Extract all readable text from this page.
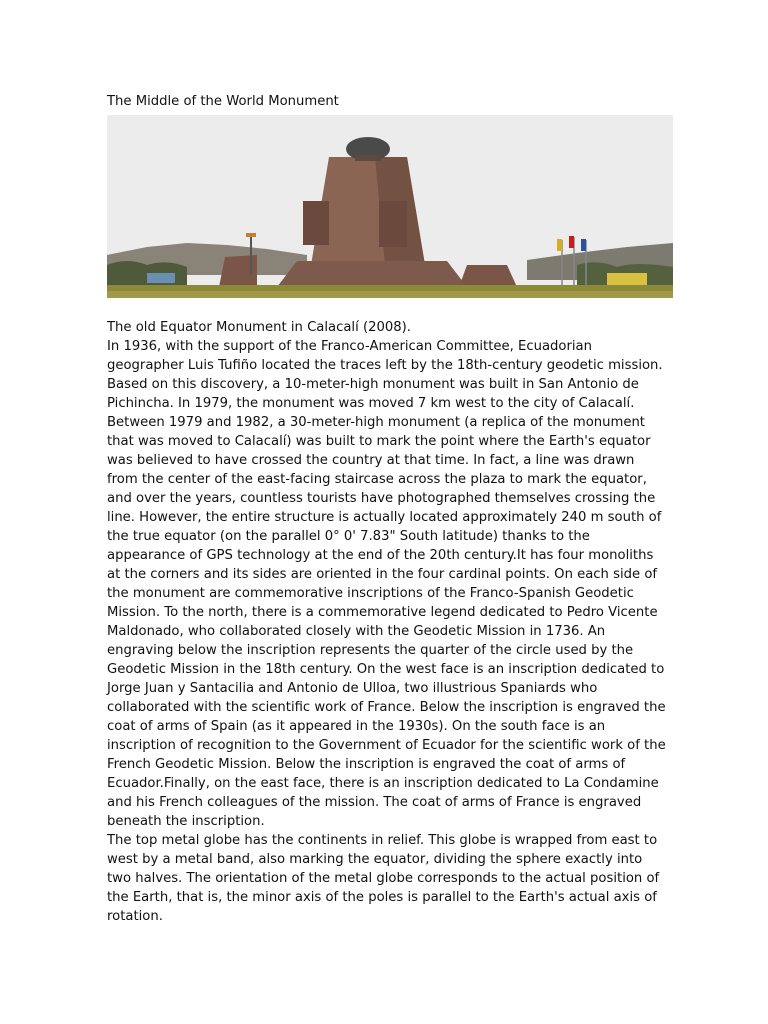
The Middle of the World Monument

The old Equator Monument in Calacalí (2008).

In 1936, with the support of the Franco-American Committee, Ecuadorian geographer Luis Tufiño located the traces left by the 18th-century geodetic mission. Based on this discovery, a 10-meter-high monument was built in San Antonio de Pichincha. In 1979, the monument was moved 7 km west to the city of Calacalí.

Between 1979 and 1982, a 30-meter-high monument (a replica of the monument that was moved to Calacalí) was built to mark the point where the Earth's equator was believed to have crossed the country at that time. In fact, a line was drawn from the center of the east-facing staircase across the plaza to mark the equator, and over the years, countless tourists have photographed themselves crossing the line. However, the entire structure is actually located approximately 240 m south of the true equator (on the parallel 0° 0' 7.83" South latitude) thanks to the appearance of GPS technology at the end of the 20th century.It has four monoliths at the corners and its sides are oriented in the four cardinal points. On each side of the monument are commemorative inscriptions of the Franco-Spanish Geodetic Mission. To the north, there is a commemorative legend dedicated to Pedro Vicente Maldonado, who collaborated closely with the Geodetic Mission in 1736. An engraving below the inscription represents the quarter of the circle used by the Geodetic Mission in the 18th century. On the west face is an inscription dedicated to Jorge Juan y Santacilia and Antonio de Ulloa, two illustrious Spaniards who collaborated with the scientific work of France. Below the inscription is engraved the coat of arms of Spain (as it appeared in the 1930s). On the south face is an inscription of recognition to the Government of Ecuador for the scientific work of the French Geodetic Mission. Below the inscription is engraved the coat of arms of Ecuador.Finally, on the east face, there is an inscription dedicated to La Condamine and his French colleagues of the mission. The coat of arms of France is engraved beneath the inscription.

The top metal globe has the continents in relief. This globe is wrapped from east to west by a metal band, also marking the equator, dividing the sphere exactly into two halves. The orientation of the metal globe corresponds to the actual position of the Earth, that is, the minor axis of the poles is parallel to the Earth's actual axis of rotation.
